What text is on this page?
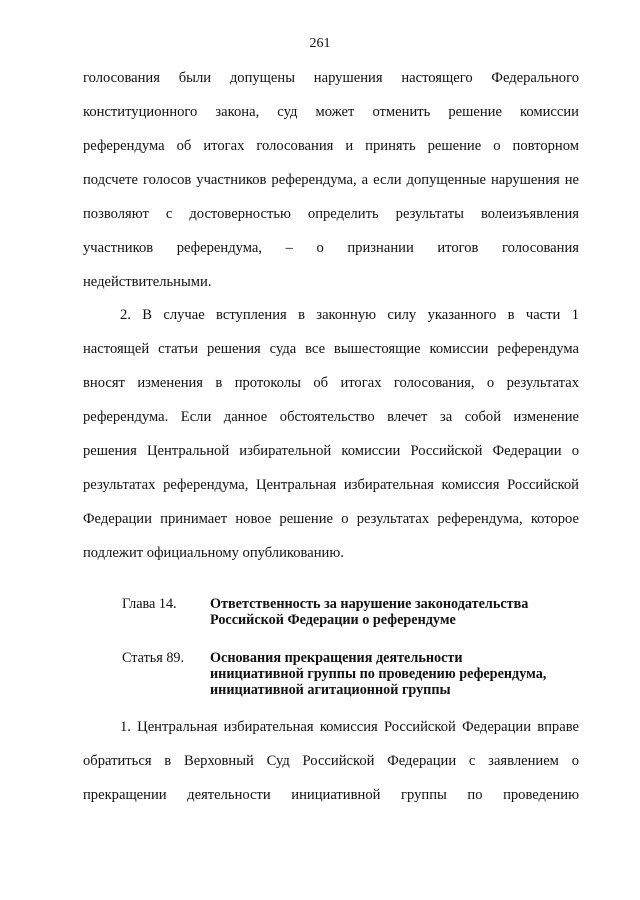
261
голосования были допущены нарушения настоящего Федерального
конституционного закона, суд может отменить решение комиссии
референдума об итогах голосования и принять решение о повторном
подсчете голосов участников референдума, а если допущенные нарушения не
позволяют с достоверностью определить результаты волеизъявления
участников референдума, – о признании итогов голосования
недействительными.
2. В случае вступления в законную силу указанного в части 1
настоящей статьи решения суда все вышестоящие комиссии референдума
вносят изменения в протоколы об итогах голосования, о результатах
референдума. Если данное обстоятельство влечет за собой изменение
решения Центральной избирательной комиссии Российской Федерации о
результатах референдума, Центральная избирательная комиссия Российской
Федерации принимает новое решение о результатах референдума, которое
подлежит официальному опубликованию.
Глава 14.	Ответственность за нарушение законодательства
Российской Федерации о референдуме
Статья 89.	Основания прекращения деятельности
инициативной группы по проведению референдума,
инициативной агитационной группы
1. Центральная избирательная комиссия Российской Федерации вправе
обратиться в Верховный Суд Российской Федерации с заявлением о
прекращении деятельности инициативной группы по проведению
